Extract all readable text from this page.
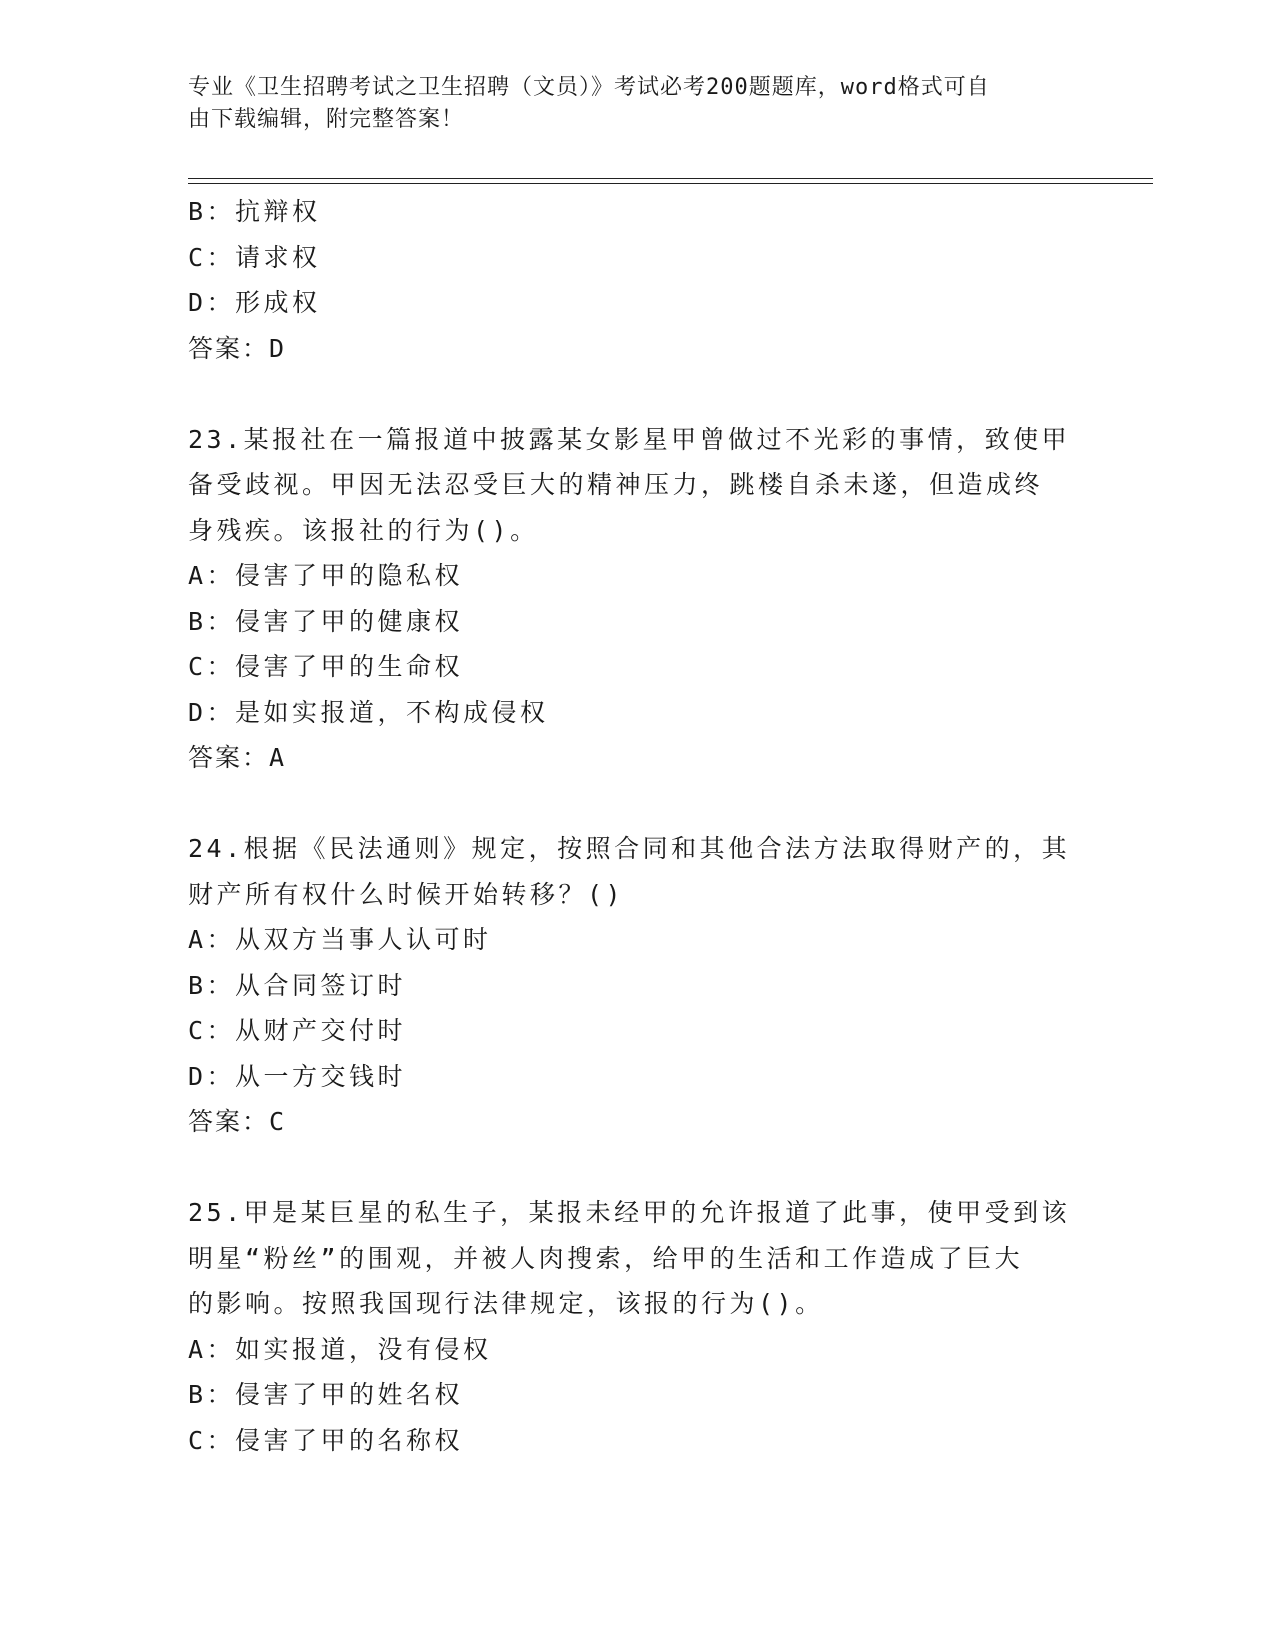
专业《卫生招聘考试之卫生招聘（文员）》考试必考200题题库，word格式可自
由下载编辑，附完整答案！
B：抗辩权
C：请求权
D：形成权
答案：D
23.某报社在一篇报道中披露某女影星甲曾做过不光彩的事情，致使甲
备受歧视。甲因无法忍受巨大的精神压力，跳楼自杀未遂，但造成终
身残疾。该报社的行为()。
A：侵害了甲的隐私权
B：侵害了甲的健康权
C：侵害了甲的生命权
D：是如实报道，不构成侵权
答案：A
24.根据《民法通则》规定，按照合同和其他合法方法取得财产的，其
财产所有权什么时候开始转移？()
A：从双方当事人认可时
B：从合同签订时
C：从财产交付时
D：从一方交钱时
答案：C
25.甲是某巨星的私生子，某报未经甲的允许报道了此事，使甲受到该
明星“粉丝”的围观，并被人肉搜索，给甲的生活和工作造成了巨大
的影响。按照我国现行法律规定，该报的行为()。
A：如实报道，没有侵权
B：侵害了甲的姓名权
C：侵害了甲的名称权
